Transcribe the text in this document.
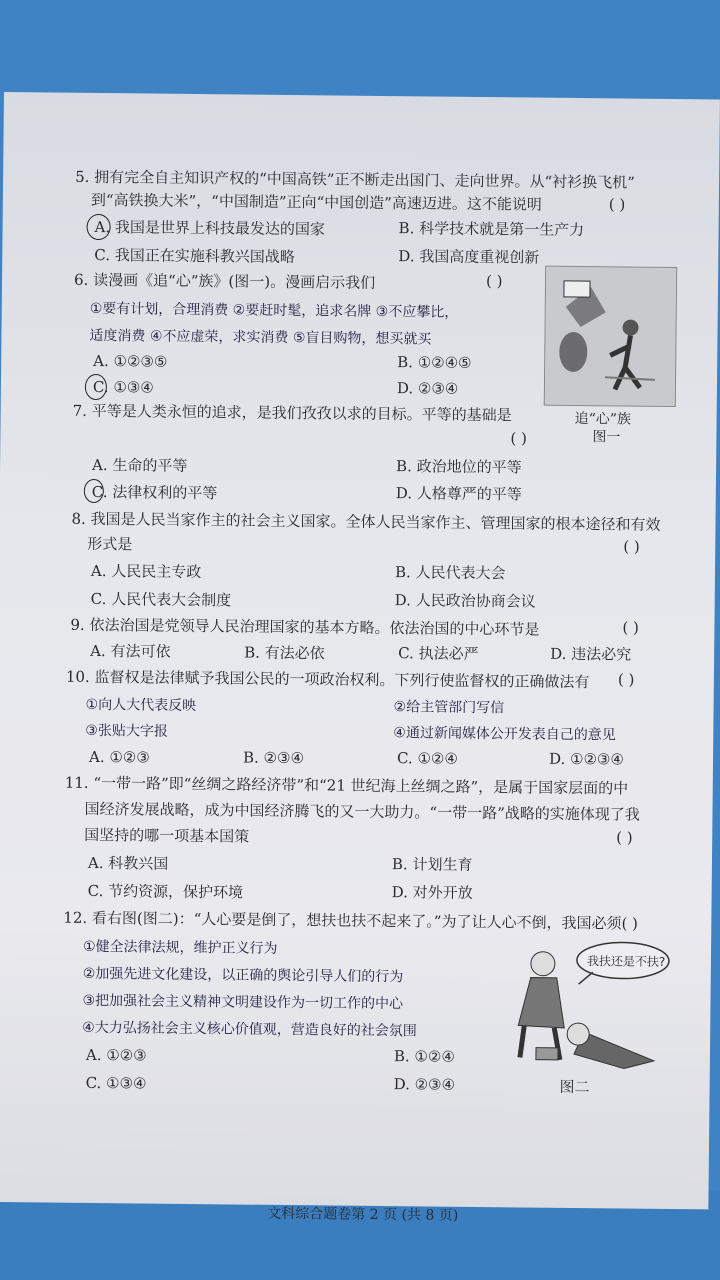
5. 拥有完全自主知识产权的“中国高铁”正不断走出国门、走向世界。从“衬衫换飞机”
到“高铁换大米”，“中国制造”正向“中国创造”高速迈进。这不能说明	( )
A. 我国是世界上科技最发达的国家	B. 科学技术就是第一生产力
C. 我国正在实施科教兴国战略	D. 我国高度重视创新
6. 读漫画《追“心”族》(图一)。漫画启示我们	( )
①要有计划，合理消费 ②要赶时髦，追求名牌 ③不应攀比，
适度消费 ④不应虚荣，求实消费 ⑤盲目购物，想买就买
A. ①②③⑤	B. ①②④⑤
C. ①③④	D. ②③④
追“心”族
图一
7. 平等是人类永恒的追求，是我们孜孜以求的目标。平等的基础是
( )
A. 生命的平等	B. 政治地位的平等
C. 法律权利的平等	D. 人格尊严的平等
8. 我国是人民当家作主的社会主义国家。全体人民当家作主、管理国家的根本途径和有效
形式是	( )
A. 人民民主专政	B. 人民代表大会
C. 人民代表大会制度	D. 人民政治协商会议
9. 依法治国是党领导人民治理国家的基本方略。依法治国的中心环节是	( )
A. 有法可依	B. 有法必依	C. 执法必严	D. 违法必究
10. 监督权是法律赋予我国公民的一项政治权利。下列行使监督权的正确做法有 ( )
①向人大代表反映	②给主管部门写信
③张贴大字报	④通过新闻媒体公开发表自己的意见
A. ①②③	B. ②③④	C. ①②④	D. ①②③④
11. “一带一路”即“丝绸之路经济带”和“21 世纪海上丝绸之路”，是属于国家层面的中
国经济发展战略，成为中国经济腾飞的又一大助力。“一带一路”战略的实施体现了我
国坚持的哪一项基本国策	( )
A. 科教兴国	B. 计划生育
C. 节约资源，保护环境	D. 对外开放
12. 看右图(图二)：“人心要是倒了，想扶也扶不起来了。”为了让人心不倒，我国必须( )
①健全法律法规，维护正义行为
②加强先进文化建设，以正确的舆论引导人们的行为
③把加强社会主义精神文明建设作为一切工作的中心
④大力弘扬社会主义核心价值观，营造良好的社会氛围
A. ①②③	B. ①②④
C. ①③④	D. ②③④
我扶还是不扶?
图二
文科综合题卷第 2 页 (共 8 页)
